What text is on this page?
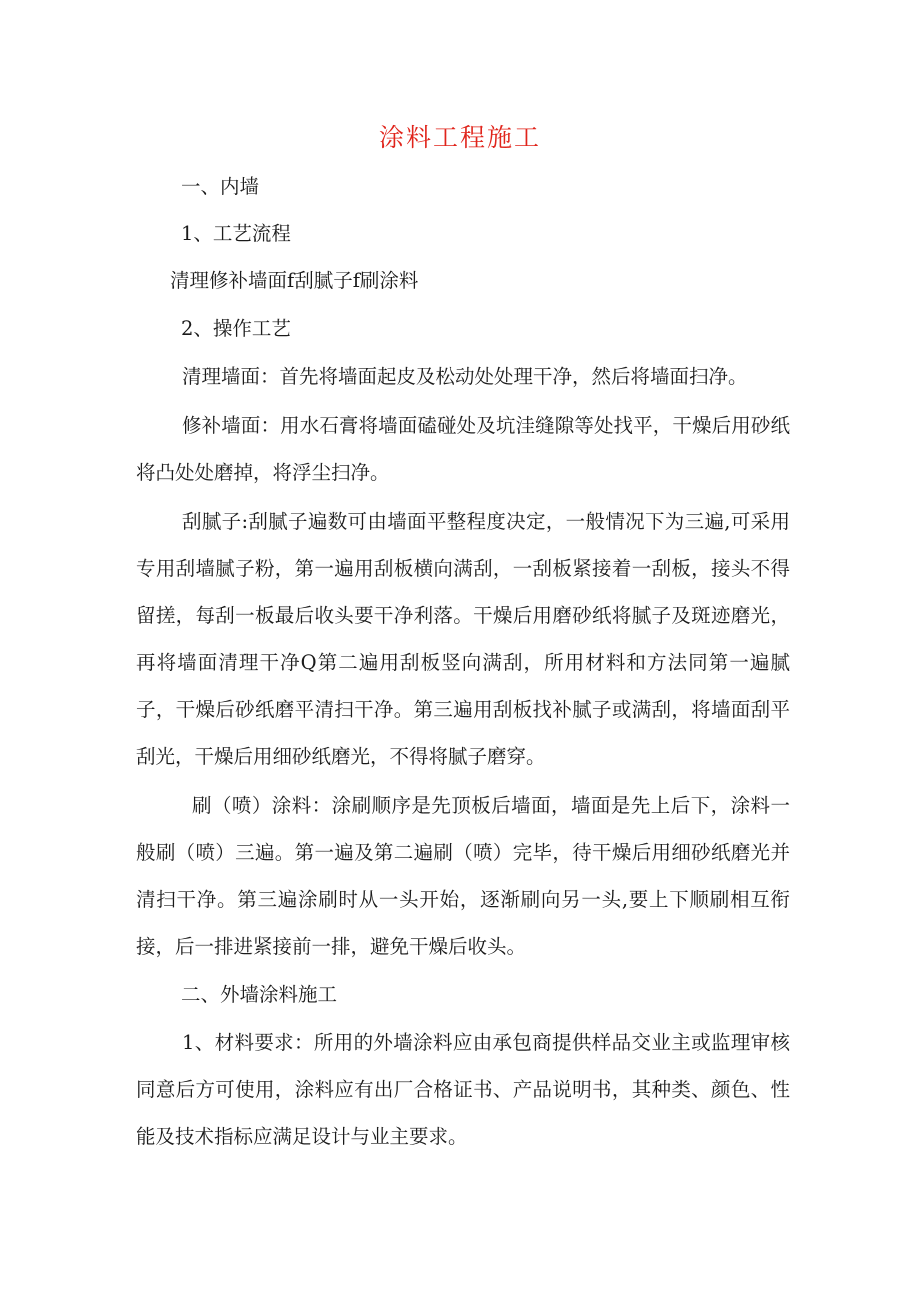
涂料工程施工

一、内墙

1、工艺流程

清理修补墙面f刮腻子f刷涂料

2、操作工艺

清理墙面：首先将墙面起皮及松动处处理干净，然后将墙面扫净。

修补墙面：用水石膏将墙面磕碰处及坑洼缝隙等处找平，干燥后用砂纸将凸处处磨掉，将浮尘扫净。

刮腻子:刮腻子遍数可由墙面平整程度决定，一般情况下为三遍,可采用专用刮墙腻子粉，第一遍用刮板横向满刮，一刮板紧接着一刮板，接头不得留搓，每刮一板最后收头要干净利落。干燥后用磨砂纸将腻子及斑迹磨光，再将墙面清理干净Q第二遍用刮板竖向满刮，所用材料和方法同第一遍腻子，干燥后砂纸磨平清扫干净。第三遍用刮板找补腻子或满刮，将墙面刮平刮光，干燥后用细砂纸磨光，不得将腻子磨穿。

刷（喷）涂料：涂刷顺序是先顶板后墙面，墙面是先上后下，涂料一般刷（喷）三遍。第一遍及第二遍刷（喷）完毕，待干燥后用细砂纸磨光并清扫干净。第三遍涂刷时从一头开始，逐渐刷向另一头,要上下顺刷相互衔接，后一排进紧接前一排，避免干燥后收头。

二、外墙涂料施工

1、材料要求：所用的外墙涂料应由承包商提供样品交业主或监理审核同意后方可使用，涂料应有出厂合格证书、产品说明书，其种类、颜色、性能及技术指标应满足设计与业主要求。
